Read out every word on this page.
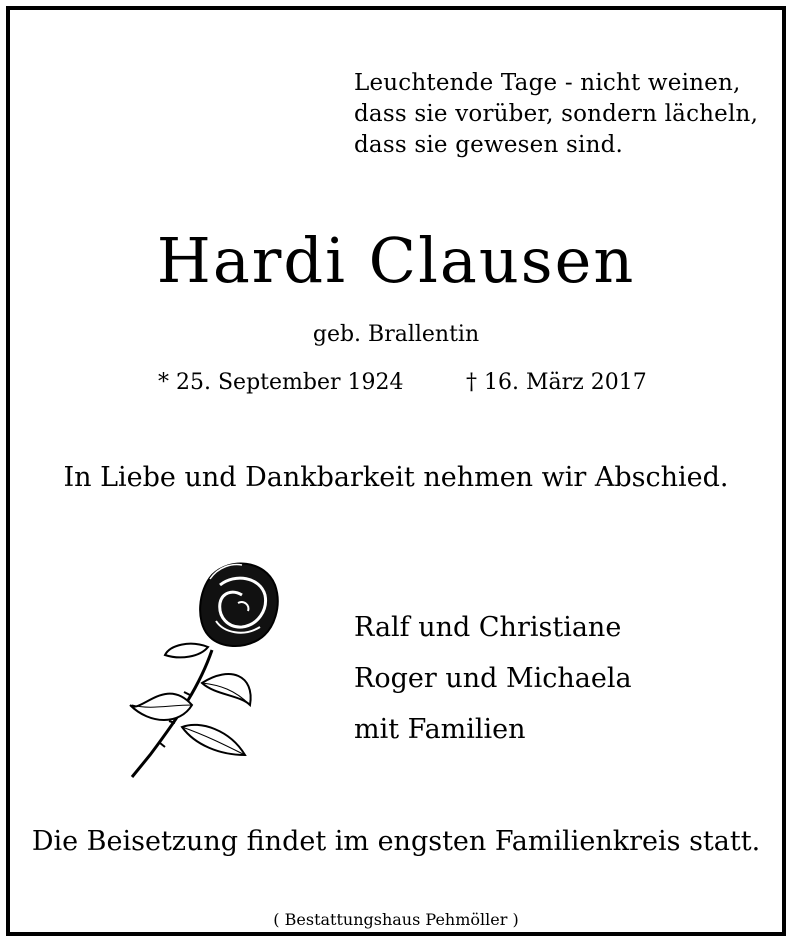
Leuchtende Tage - nicht weinen,
dass sie vorüber, sondern lächeln,
dass sie gewesen sind.
Hardi Clausen
geb. Brallentin
* 25. September 1924	† 16. März 2017
In Liebe und Dankbarkeit nehmen wir Abschied.
Ralf und Christiane
Roger und Michaela
mit Familien
Die Beisetzung findet im engsten Familienkreis statt.
( Bestattungshaus Pehmöller )
